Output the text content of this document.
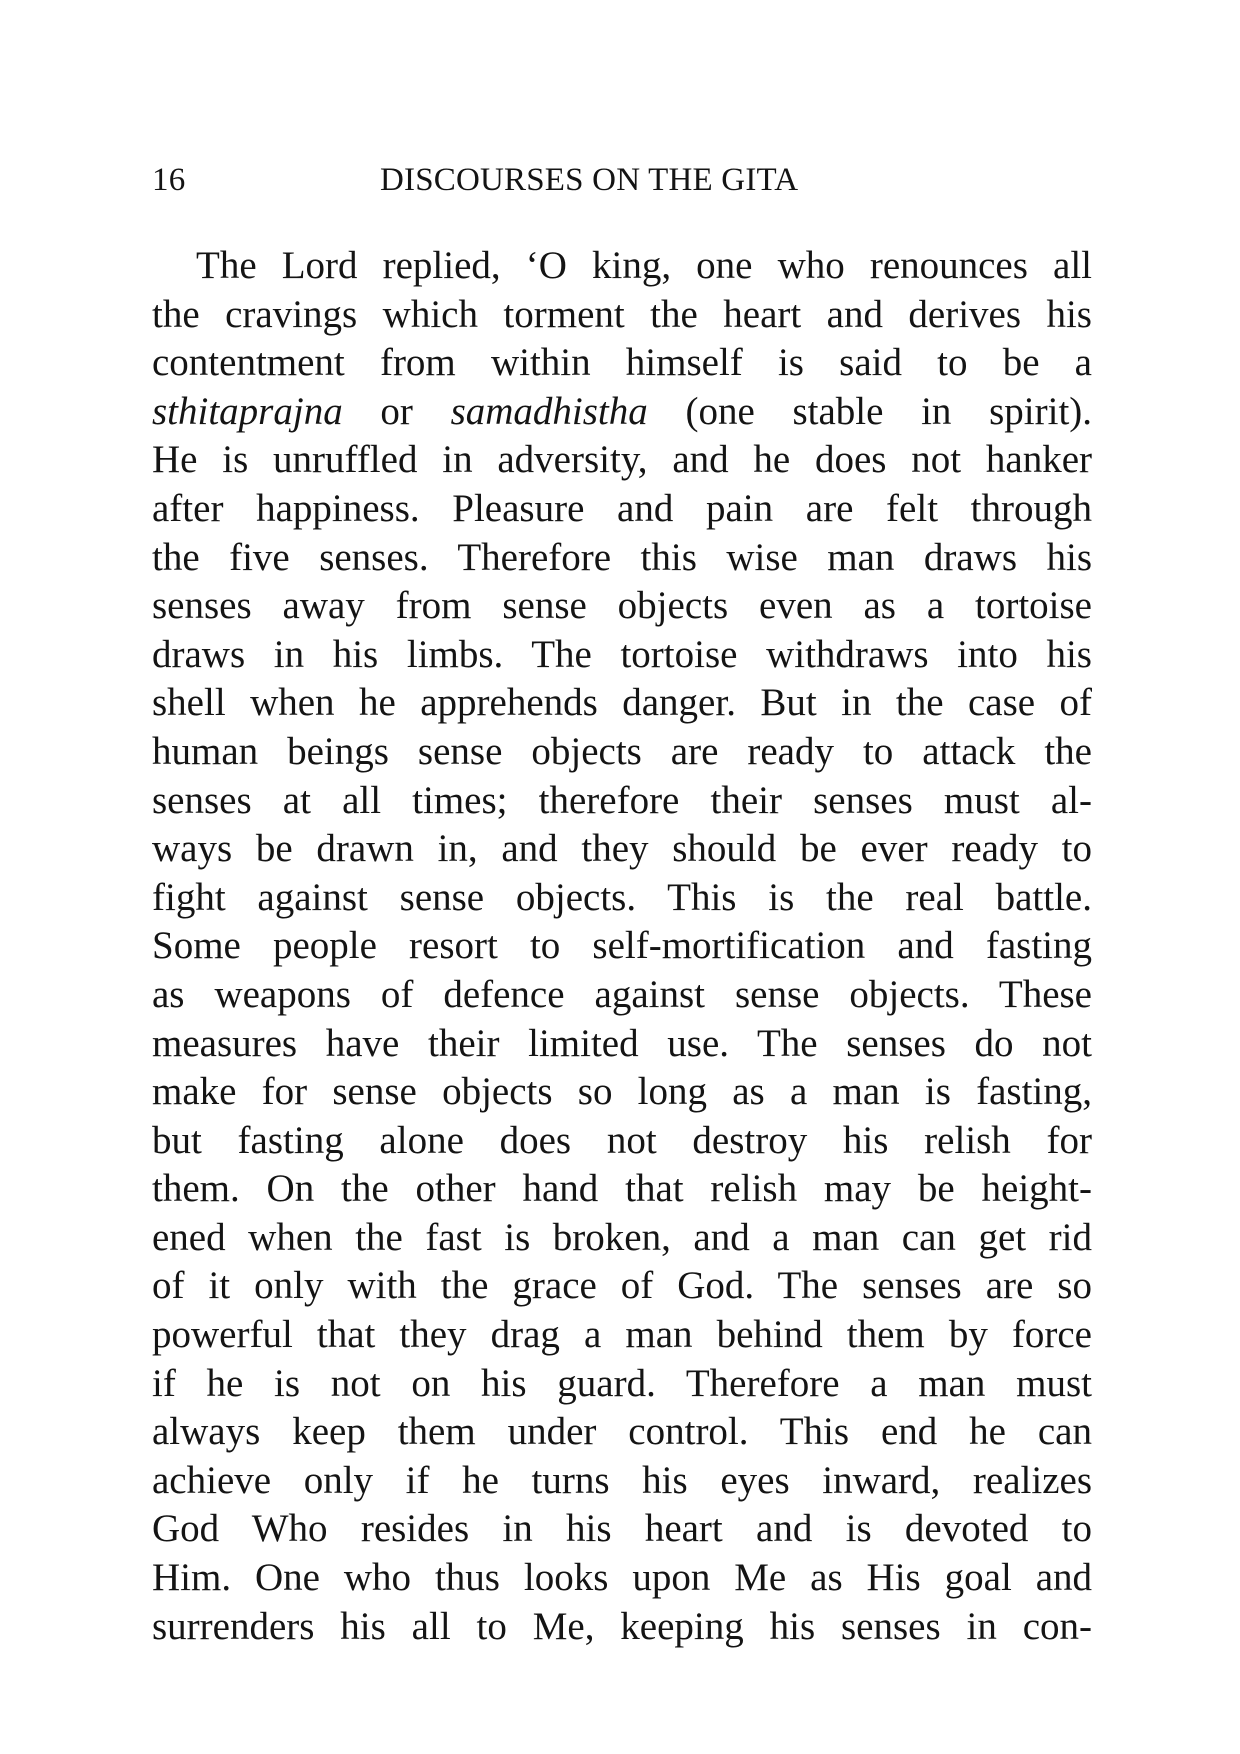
16	DISCOURSES ON THE GITA
The Lord replied, ‘O king, one who renounces all
the cravings which torment the heart and derives his
contentment from within himself is said to be a
sthitaprajna or samadhistha (one stable in spirit).
He is unruffled in adversity, and he does not hanker
after happiness. Pleasure and pain are felt through
the five senses. Therefore this wise man draws his
senses away from sense objects even as a tortoise
draws in his limbs. The tortoise withdraws into his
shell when he apprehends danger. But in the case of
human beings sense objects are ready to attack the
senses at all times; therefore their senses must al-
ways be drawn in, and they should be ever ready to
fight against sense objects. This is the real battle.
Some people resort to self-mortification and fasting
as weapons of defence against sense objects. These
measures have their limited use. The senses do not
make for sense objects so long as a man is fasting,
but fasting alone does not destroy his relish for
them. On the other hand that relish may be height-
ened when the fast is broken, and a man can get rid
of it only with the grace of God. The senses are so
powerful that they drag a man behind them by force
if he is not on his guard. Therefore a man must
always keep them under control. This end he can
achieve only if he turns his eyes inward, realizes
God Who resides in his heart and is devoted to
Him. One who thus looks upon Me as His goal and
surrenders his all to Me, keeping his senses in con-
